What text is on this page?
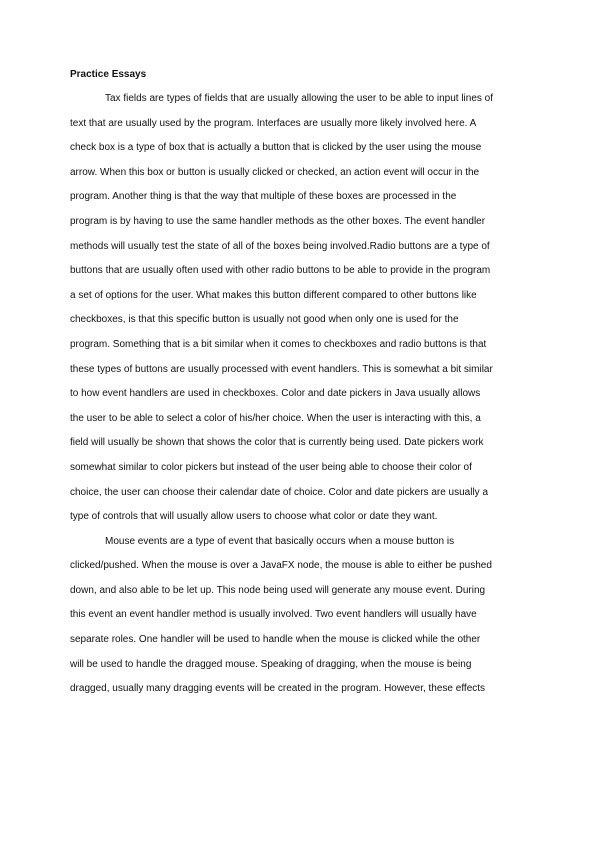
Practice Essays

Tax fields are types of fields that are usually allowing the user to be able to input lines of
text that are usually used by the program. Interfaces are usually more likely involved here. A
check box is a type of box that is actually a button that is clicked by the user using the mouse
arrow. When this box or button is usually clicked or checked, an action event will occur in the
program. Another thing is that the way that multiple of these boxes are processed in the
program is by having to use the same handler methods as the other boxes. The event handler
methods will usually test the state of all of the boxes being involved.Radio buttons are a type of
buttons that are usually often used with other radio buttons to be able to provide in the program
a set of options for the user. What makes this button different compared to other buttons like
checkboxes, is that this specific button is usually not good when only one is used for the
program. Something that is a bit similar when it comes to checkboxes and radio buttons is that
these types of buttons are usually processed with event handlers. This is somewhat a bit similar
to how event handlers are used in checkboxes. Color and date pickers in Java usually allows
the user to be able to select a color of his/her choice. When the user is interacting with this, a
field will usually be shown that shows the color that is currently being used. Date pickers work
somewhat similar to color pickers but instead of the user being able to choose their color of
choice, the user can choose their calendar date of choice. Color and date pickers are usually a
type of controls that will usually allow users to choose what color or date they want.

Mouse events are a type of event that basically occurs when a mouse button is
clicked/pushed. When the mouse is over a JavaFX node, the mouse is able to either be pushed
down, and also able to be let up. This node being used will generate any mouse event. During
this event an event handler method is usually involved. Two event handlers will usually have
separate roles. One handler will be used to handle when the mouse is clicked while the other
will be used to handle the dragged mouse. Speaking of dragging, when the mouse is being
dragged, usually many dragging events will be created in the program. However, these effects
